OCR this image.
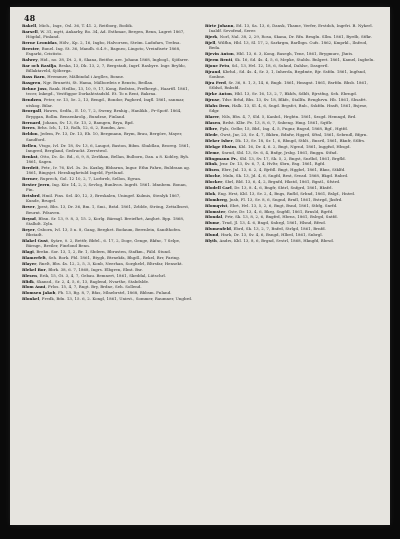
48

Bakell, Mich., Ingr., Osl. 36, T. 41. 2, Reitborg, Bodök.

Barsell, W. 31, mytt, Ankarby, Bo. 34, Ad. Esthmae, Bergen, Renn, Lagret 1867, Högdal, Finland.

Berne Leonidas, Hölv., Kp. 2, 16, Ingbo, Halvorsen, Ström. Ladufars, Trebsa.

Beester, Bunel. Ing. St. 36, Mandh. 6.4.9., Bagneo, Lingoto, Vreinfisetr 1868, Esgarhi, Crististo.

Balwey, Hid., no. 38, Dt. 2, 8, Skana, Beitfor, are. Johann 1868, Ingbogl., Sjöfarer.

Bar och Rasilja, Beska, 13, Dk. 13, 2, 7, Bergstadi, Ingrf. Rasbyre. Ingr. Bryldo, Billaktaveld, Sjöberga.

Bass Barn, Hvemmer, Mälbindal i Arglles, Bonne.

Basgren, Ngr. Brunetti, St. Hama, Mälbordeis e Renstu, Bedlan.

Behne Joss, Rank. Heilbo, 13, 10, 9, 17, Kong, Bedstra, Frefbergt., Haartfl. 1861, tecer, Inkegd., Vestfiggor Dorkahtstadsbl. Et. To n Rent, Bakrna.

Bendzen, Peter, sv. 13, 5e. 2, 13, Bengd., Bondor, Pagherd, Inqfl. 1861, sanmar, utskog. Bilar.

Beorgall, Hawes, Sedfa., E. 10, 7, 2, Sweny, Brnhig., Hanlikb., Pr-Spotf. 1864, Bryggan, Bollm. Bensenkrolg., Bundrae, Finland.

Bernard, Johann, Sv. 13, Sr. 13, 2, Bamgen, Brya, Bpd.

Beres, Brhs. Ich, 1, 13, Rolh, 12, 6, 2, Rondm, Aro.

Beldon, Jedem, Fr. 13, Dr. 13, Eb. 10, Bergmann, Brym, Brau, Bergöre, Mayer, Sandford.

Bellen, Vtsgo, Ivl. Dr. 18, Sv. 13, 6, Laugot, Baston, Bibm. Sbaldlau, Beoreg. 1861, Inngred, Bergland, Gedruckt. Zerrstwol.

Benkst, Otto, Dc. 4c. Bd., 6, 9, 8, Zerlikan, Bellan, Bulborn, Dan. a 8. Kobley, Byh. 1861, Sagen.

Berdeit, Petr., Iv. 76, Kvl. 3s. 3s. Kaxlay, Bbbarnn, Ingur. Ethn Fahrn, Buldraan ag. 1861, Bingsjet. Heralinghetuld Ingeld, Fyrtlund.

Berner, Ruprech, Gol. 12 10, 2, 7, Lorbreb, Sellon, Egvan.

Bester Jerrn, Ing. Kör. 14, 2, 2, Sevlog, Bunlivos. Ingrdt. 1861. Idnnbem. Bonan, Fin.

Betsbrd, Hmil. Fins. Sel. 40, 12, 3, Breskalen, Uningef. Kulmis, Stenlyk 1867, Kunde, Brugel.

Bever, Jpest, Bbs. 13, Dr. 36, Bm. 1, Smi., Bräd. 1861, Zrldde, Ströng, Zettalbsrst, Beurnt. Pdsaven.

Beynd, Bbsn. Sr. 13, 9. 8, 3, 15. 2, Korlg. Bärmgl. Breiefhrt, Amjhet. Bpp. 1868, Stalhdt. Zyln.

Beyer, Osborn, Ivl. 13, 5 n. 8, Gang, Berghet. Bodaum, Berrnlein, Sandthofen. Bbstadt.

Blakel Gust, Syäre, 0. 2, Bettfr, Bbfel., 6. 17, 2, Doge, Genge, Bkfnc, 7 Selpe, Bärngr., Breiler, Finrlond Benn.

Blagi, Brekn. Sor. 13, 1, 2, Br. 1, Sbdern, Bbrusten, Stafkm., Fäld. Stund.

Blamerfelt, Seh. Bork. Pbl. 1861, Btygh, Btrnekfa, Bhgdl., Bekel, Brr, Faring.

Blayer, Rnelt, Bbs. 4s. 12, 2, 5, 3, Konb, Neerhan, Sorghelrl, Bltrsfar, Hensekt.

Blekel Bor, Bbrk. 38, 6. 7, 1868, Ingrs. Elbgren, Elmt. Bsr.

Blesen, Erik, 15, Gt. 3, 4, 7, Gebau. Bemnert, 1861, Skeddal, Lütschrl.

Blidk, Skansd., Sr. 2, 4, 5, 6, 13, Baglend, Nvarthe, Stabdslde.

Blom Anni, Frlos. 15, 4, 7, Rngt. Bry, Brdne, Seh. Sollend.

Blomsen Jakob, Fb. 13, Bg. 8, 7, Bfas, Mlnebrstrl, 1868, Bbbsm. Fnland.

Blonkel, Fredk, Bdn. 13, 15. 6, 2. Kongl, 1861, Unirst., Sommer, Raumner, Ungbrd.

Birte Johann, Ed. 13, Sa. 13, 6, Dansk, Thame, Verfer, Erstdoh, Ingrfri. B. Nykerl. Inaldf. Sevofrnd, Serer.

Bjerk, Norl, Nal. 38, 2, 29, Rosa, Skana, Dr. Rfn. Brngln. Sllm. 1861, Byrdb, Stfkr.

Bjell, Wilfhn, Hbl. 13, Sl. 17, 2, Sarkrgm, Barlbgn. Cufs. 1862, Kmprkl., Ilnfrod, Beda.

Bjevin Anton, Hbl. 13, 6. 3, Kong, Basegh, Tene, 1861, Brygmurc, Jhnts.

Bjerm Benti, Sk. 16, Sd. 4s. 4, 5, 6, Mepke, Stablu. Bnlgret. 1861, Kamel, Ingbeln.

Bjone Fetu, Sd., 13, Hvl. 12, 18, 6, Suhnd, Dahlse, Dasgertl.

Bjrand, Kbrhd., Sd. 4s. 4, Sr. 3, 1, Inherda, Brgdmte, Bjr. Ssfdn. 1861, Ingfsnd, Sonbne.

Bjra Ferd, Sr. 36, 8. 1, 3, 14, 6, Bngb. 1861, Hmsgnt. 1861, Bsrfdn. Bbsb. 1861, Stldsd, Rnbsfd.

Bjrke Anton, Hbl. 13, Sv. 16, 13, 2, 7, Bkhfs, Sdblt, Bjrstfng, Seh. Ebrngd.

Bjrnse, Tdsr. Brhd, Bbs. 13, Sv. 18, Blkfr., Stallfn. Rvnghrvn. Hb. 1861, Sbsafrt.

Blahs Dros, Halk. 13, Sl. 4, 6, Sngd. Brgsfct, Bnb., Sskfdn. Hnsft, 1861, Bsjrne, Sdgr.

Blarer, Nils, Bbs. 4, 7, Sld. 5, Kanbd., Hrgbtn. 1861, Szsgd. Hemngd, Brd.

Blasen, Brdst. Klbr. Fe. 13, 8, 6, 7, Snbeng. Hmg. 1861, Sqtflr.

Blbre, Ppls, Oelbr, 15, Bbf., Ing. 4, 5, Fngnr, Bngsd, 1868, Bgf., Hgtfd.

Blede, Gwst, Jnr, 23, Sv. 4, 7, Bkbrn, Bdnfw, Hggrd, Sftnl, 1861, Sebrndl, Bfgrn.

Bleker Isber, Dk. 13, Sv. 18, Sr. 1, 6, Bbngd, Sthlt., Bnsrtl, 1861, Bknfr, Stlfrs.

Blekge Ehstm, Kbl. 16, Dr. 4, 6. 2, Bngt, Ngrnd, 1861, Inggfsd, Hbsgd.

Bleme, Snrud, Sbl. 13, Sv. 6, 4, Bnfgr, Jrsbg. 1861, Bnggn. Stfnd.

Blingmann Pr., Sbl. 13, Sv. 17, Sk. 5, 2, Bngst, Snrlbd, 1861, Brgfld.

Blink, Jrnr. Dr. 13, Sv. 6, 7, 4, Hvltr, Sbrn, Bsg. 1861, Rgfd.

Blisen, Ebrr, Jnl. 13, 6. 2, 4, Bjrfdl. Bngt, Hggbrl, 1861, Bkns, Stklfd.

Bloche, Mnln, Sk. 13, Jd. 4, 6, Sngfd, Brnt, Svnsd. 1868, Bkgd. Rnbrd.

Blocker, Sbrl, Bld. 13, 6, 4, 2, Brgnfd, Hkstd, 1861, Bgntl., Sfstrd.

Blodell Carl, Dr. 13, 8. 4, 6, Bngfr, Sbtrl, Snfgrd, 1861, Bksfrl.

Blok, Eng. Hrst, Kbl. 13, Sv. 2, 4, Bngs, Rnfld, Srbnd, 1861, Bslgf., Hntrd.

Blomberg, Jnsb, Fl. 13, Sv. 8, 6, Sngnd, Brnfl, 1861, Bstrgd, Jksfrd.

Blomqvist, Ebrt, Hvl. 13, 5, 2, 6, Bngt, Bsnd, 1861, Stbfg, Snrfd.

Blomster, Gstv, Dr. 13, 4, 6, Bkrg, Sngfdl, 1861, Brnsld, Bgrfd.

Blondal, Prtr, Sk. 13, 8, 2, 6, Bngfrd, Hbrns, 1861, Bslrgd, Sntfd.

Blume, Trnd, Jl. 13, 4. 6, Bngd, Snbrgl, 1861, Hlsnd, Bfrsd.

Blumenfeld, Ebrd, Sk. 13, 2, 7, Bnfrd, Strlgd, 1861, Brnfd.

Blund, Hnrk, Dr. 13, Sv. 4, 6, Bsngd, Hlbrd, 1861, Snbrgl.

Blyth, Andrs, Kbl. 13, 8, 6, Brgnd, Svstrl, 1868, Hkngfd, Bbrsd.
